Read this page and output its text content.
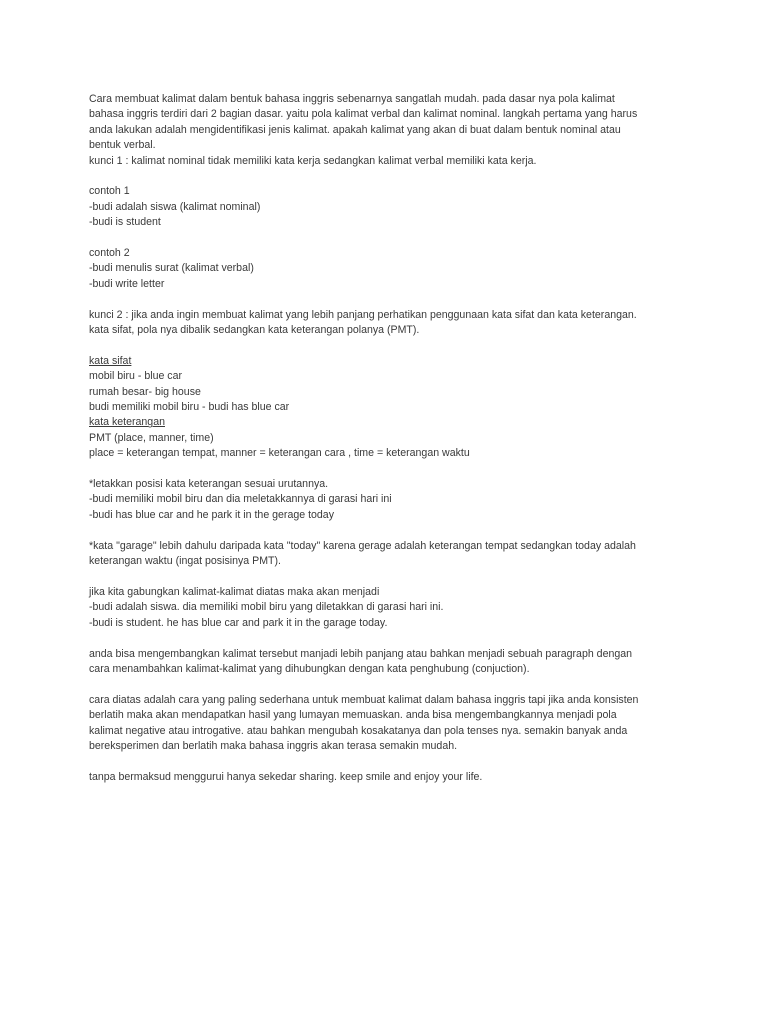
Cara membuat kalimat dalam bentuk bahasa inggris sebenarnya sangatlah mudah. pada dasar nya pola kalimat
bahasa inggris terdiri dari 2 bagian dasar. yaitu pola kalimat verbal dan kalimat nominal. langkah pertama yang harus
anda lakukan adalah mengidentifikasi jenis kalimat. apakah kalimat yang akan di buat dalam bentuk nominal atau
bentuk verbal.
kunci 1 : kalimat nominal tidak memiliki kata kerja sedangkan kalimat verbal memiliki kata kerja.
contoh 1
-budi adalah siswa (kalimat nominal)
-budi is student
contoh 2
-budi menulis surat (kalimat verbal)
-budi write letter
kunci 2 : jika anda ingin membuat kalimat yang lebih panjang perhatikan penggunaan kata sifat dan kata keterangan.
kata sifat, pola nya dibalik sedangkan kata keterangan polanya (PMT).
kata sifat
mobil biru - blue car
rumah besar- big house
budi memiliki mobil biru - budi has blue car
kata keterangan
PMT (place, manner, time)
place = keterangan tempat, manner = keterangan cara , time = keterangan waktu
*letakkan posisi kata keterangan sesuai urutannya.
-budi memiliki mobil biru dan dia meletakkannya di garasi hari ini
-budi has blue car and he park it in the gerage today
*kata "garage" lebih dahulu daripada kata "today" karena gerage adalah keterangan tempat sedangkan today adalah
keterangan waktu (ingat posisinya PMT).
jika kita gabungkan kalimat-kalimat diatas maka akan menjadi
-budi adalah siswa. dia memiliki mobil biru yang diletakkan di garasi hari ini.
-budi is student. he has blue car and park it in the garage today.
anda bisa mengembangkan kalimat tersebut manjadi lebih panjang atau bahkan menjadi sebuah paragraph dengan
cara menambahkan kalimat-kalimat yang dihubungkan dengan kata penghubung (conjuction).
cara diatas adalah cara yang paling sederhana untuk membuat kalimat dalam bahasa inggris tapi jika anda konsisten
berlatih maka akan mendapatkan hasil yang lumayan memuaskan. anda bisa mengembangkannya menjadi pola
kalimat negative atau introgative. atau bahkan mengubah kosakatanya dan pola tenses nya. semakin banyak anda
bereksperimen dan berlatih maka bahasa inggris akan terasa semakin mudah.
tanpa bermaksud menggurui hanya sekedar sharing. keep smile and enjoy your life.
